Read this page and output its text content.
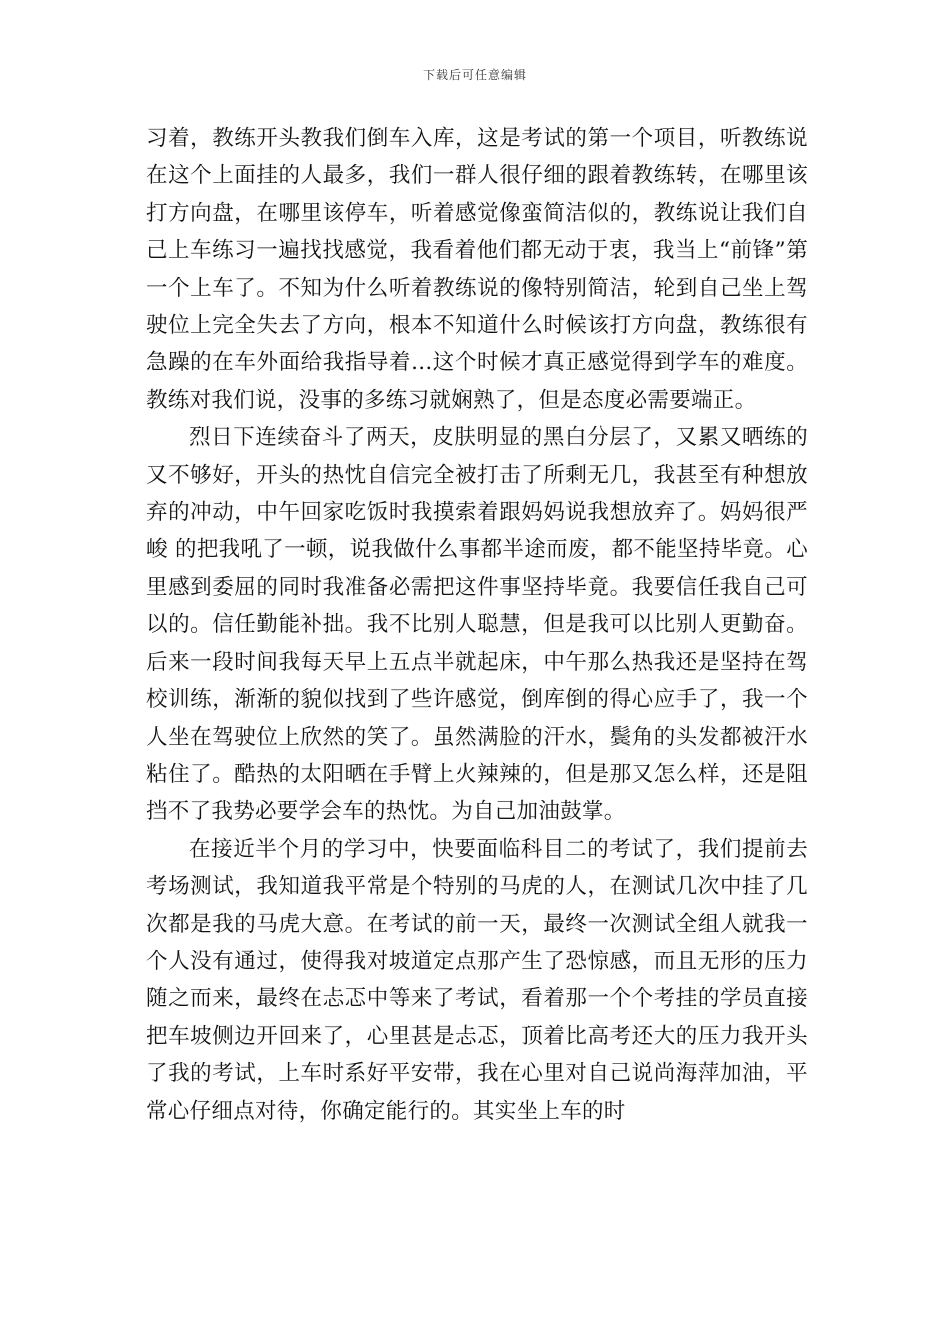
下载后可任意编辑

习着，教练开头教我们倒车入库，这是考试的第一个项目，听教练说在这个上面挂的人最多，我们一群人很仔细的跟着教练转，在哪里该打方向盘，在哪里该停车，听着感觉像蛮简洁似的，教练说让我们自己上车练习一遍找找感觉，我看着他们都无动于衷，我当上“前锋”第一个上车了。不知为什么听着教练说的像特别简洁，轮到自己坐上驾驶位上完全失去了方向，根本不知道什么时候该打方向盘，教练很有急躁的在车外面给我指导着...这个时候才真正感觉得到学车的难度。教练对我们说，没事的多练习就娴熟了，但是态度必需要端正。

烈日下连续奋斗了两天，皮肤明显的黑白分层了，又累又晒练的又不够好，开头的热忱自信完全被打击了所剩无几，我甚至有种想放弃的冲动，中午回家吃饭时我摸索着跟妈妈说我想放弃了。妈妈很严峻 的把我吼了一顿，说我做什么事都半途而废，都不能坚持毕竟。心里感到委屈的同时我准备必需把这件事坚持毕竟。我要信任我自己可以的。信任勤能补拙。我不比别人聪慧，但是我可以比别人更勤奋。后来一段时间我每天早上五点半就起床，中午那么热我还是坚持在驾校训练，渐渐的貌似找到了些许感觉，倒库倒的得心应手了，我一个人坐在驾驶位上欣然的笑了。虽然满脸的汗水，鬓角的头发都被汗水粘住了。酷热的太阳晒在手臂上火辣辣的，但是那又怎么样，还是阻挡不了我势必要学会车的热忱。为自己加油鼓掌。

在接近半个月的学习中，快要面临科目二的考试了，我们提前去考场测试，我知道我平常是个特别的马虎的人，在测试几次中挂了几次都是我的马虎大意。在考试的前一天，最终一次测试全组人就我一个人没有通过，使得我对坡道定点那产生了恐惊感，而且无形的压力随之而来，最终在忐忑中等来了考试，看着那一个个考挂的学员直接把车坡侧边开回来了，心里甚是忐忑，顶着比高考还大的压力我开头了我的考试，上车时系好平安带，我在心里对自己说尚海萍加油，平常心仔细点对待，你确定能行的。其实坐上车的时
